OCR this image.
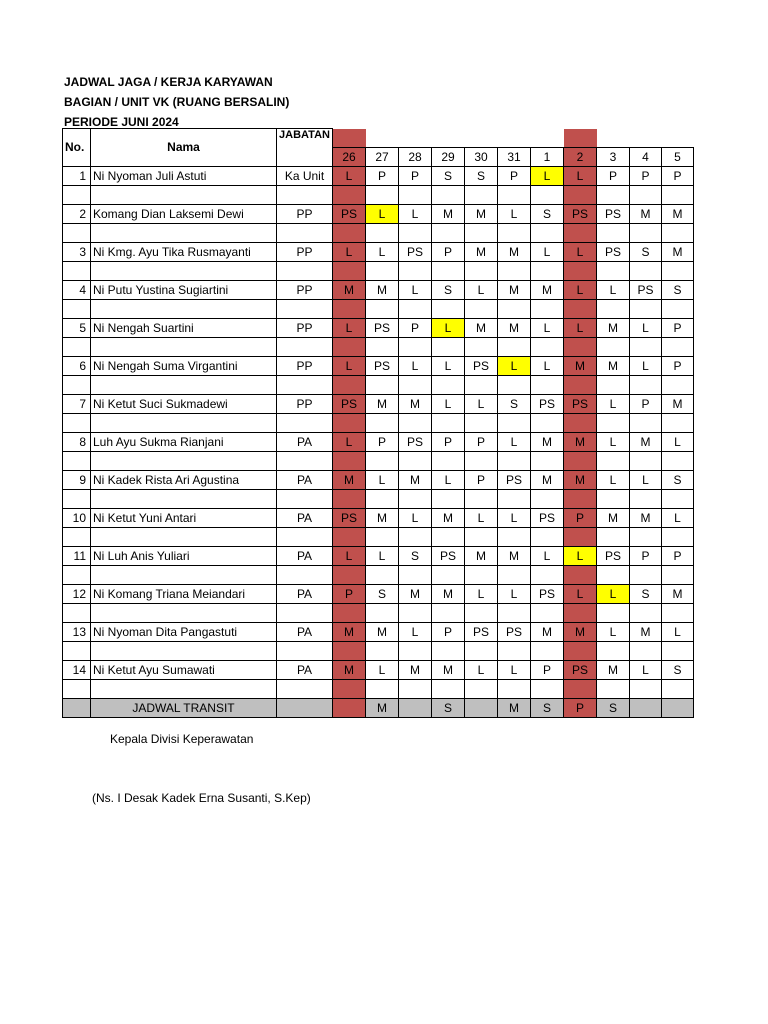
JADWAL JAGA / KERJA KARYAWAN
BAGIAN / UNIT VK (RUANG BERSALIN)
PERIODE JUNI 2024
No.	Nama	JABATAN											
			26	27	28	29	30	31	1	2	3	4	5
1	Ni Nyoman Juli Astuti	Ka Unit	L	P	P	S	S	P	L	L	P	P	P

2	Komang Dian Laksemi Dewi	PP	PS	L	L	M	M	L	S	PS	PS	M	M

3	Ni Kmg. Ayu Tika Rusmayanti	PP	L	L	PS	P	M	M	L	L	PS	S	M

4	Ni Putu Yustina Sugiartini	PP	M	M	L	S	L	M	M	L	L	PS	S

5	Ni Nengah Suartini	PP	L	PS	P	L	M	M	L	L	M	L	P

6	Ni Nengah Suma Virgantini	PP	L	PS	L	L	PS	L	L	M	M	L	P

7	Ni Ketut Suci Sukmadewi	PP	PS	M	M	L	L	S	PS	PS	L	P	M

8	Luh Ayu Sukma Rianjani	PA	L	P	PS	P	P	L	M	M	L	M	L

9	Ni Kadek Rista Ari Agustina	PA	M	L	M	L	P	PS	M	M	L	L	S

10	Ni Ketut Yuni Antari	PA	PS	M	L	M	L	L	PS	P	M	M	L

11	Ni Luh Anis Yuliari	PA	L	L	S	PS	M	M	L	L	PS	P	P

12	Ni Komang Triana Meiandari	PA	P	S	M	M	L	L	PS	L	L	S	M

13	Ni Nyoman Dita Pangastuti	PA	M	M	L	P	PS	PS	M	M	L	M	L

14	Ni Ketut Ayu Sumawati	PA	M	L	M	M	L	L	P	PS	M	L	S

	JADWAL TRANSIT			M		S		M	S	P	S		
Kepala Divisi Keperawatan
(Ns. I Desak Kadek Erna Susanti, S.Kep)
